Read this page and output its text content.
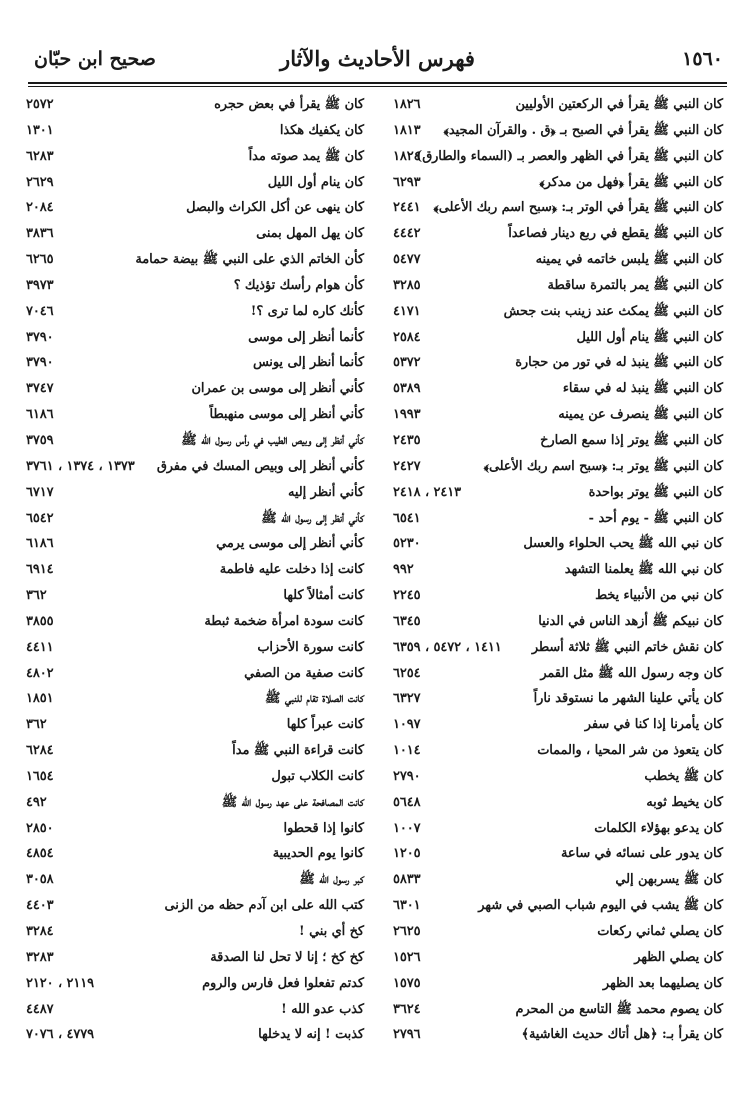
١٥٦٠
فهرس الأحاديث والآثار
صحيح ابن حبّان
كان النبي ﷺ يقرأ في الركعتين الأوليين
١٨٢٦
كان النبي ﷺ يقرأ في الصبح بـ ﴿ق . والقرآن المجيد﴾
١٨١٣
كان النبي ﷺ يقرأ في الظهر والعصر بـ (السماء والطارق)
١٨٢٤
كان النبي ﷺ يقرأ ﴿فهل من مدكر﴾
٦٢٩٣
كان النبي ﷺ يقرأ في الوتر بـ: ﴿سبح اسم ربك الأعلى﴾
٢٤٤١
كان النبي ﷺ يقطع في ربع دينار فصاعداً
٤٤٤٢
كان النبي ﷺ يلبس خاتمه في يمينه
٥٤٧٧
كان النبي ﷺ يمر بالتمرة ساقطة
٣٢٨٥
كان النبي ﷺ يمكث عند زينب بنت جحش
٤١٧١
كان النبي ﷺ ينام أول الليل
٢٥٨٤
كان النبي ﷺ ينبذ له في تور من حجارة
٥٣٧٢
كان النبي ﷺ ينبذ له في سقاء
٥٣٨٩
كان النبي ﷺ ينصرف عن يمينه
١٩٩٣
كان النبي ﷺ يوتر إذا سمع الصارخ
٢٤٣٥
كان النبي ﷺ يوتر بـ: ﴿سبح اسم ربك الأعلى﴾
٢٤٢٧
كان النبي ﷺ يوتر بواحدة
٢٤١٣ ، ٢٤١٨
كان النبي ﷺ - يوم أحد -
٦٥٤١
كان نبي الله ﷺ يحب الحلواء والعسل
٥٢٣٠
كان نبي الله ﷺ يعلمنا التشهد
٩٩٢
كان نبي من الأنبياء يخط
٢٢٤٥
كان نبيكم ﷺ أزهد الناس في الدنيا
٦٣٤٥
كان نقش خاتم النبي ﷺ ثلاثة أسطر
١٤١١ ، ٥٤٧٢ ، ٦٣٥٩
كان وجه رسول الله ﷺ مثل القمر
٦٢٥٤
كان يأتي علينا الشهر ما نستوقد ناراً
٦٣٢٧
كان يأمرنا إذا كنا في سفر
١٠٩٧
كان يتعوذ من شر المحيا ، والممات
١٠١٤
كان ﷺ يخطب
٢٧٩٠
كان يخيط ثوبه
٥٦٤٨
كان يدعو بهؤلاء الكلمات
١٠٠٧
كان يدور على نسائه في ساعة
١٢٠٥
كان ﷺ يسربهن إلي
٥٨٣٣
كان ﷺ يشب في اليوم شباب الصبي في شهر
٦٣٠١
كان يصلي ثماني ركعات
٢٦٢٥
كان يصلي الظهر
١٥٢٦
كان يصليهما بعد الظهر
١٥٧٥
كان يصوم محمد ﷺ التاسع من المحرم
٣٦٢٤
كان يقرأ بـ: ﴿هل أتاك حديث الغاشية﴾
٢٧٩٦
كان ﷺ يقرأ في بعض حجره
٢٥٧٢
كان يكفيك هكذا
١٣٠١
كان ﷺ يمد صوته مداً
٦٢٨٣
كان ينام أول الليل
٢٦٢٩
كان ينهى عن أكل الكراث والبصل
٢٠٨٤
كان يهل المهل بمنى
٣٨٣٦
كأن الخاتم الذي على النبي ﷺ بيضة حمامة
٦٢٦٥
كأن هوام رأسك تؤذيك ؟
٣٩٧٣
كأنك كاره لما ترى ؟!
٧٠٤٦
كأنما أنظر إلى موسى
٣٧٩٠
كأنما أنظر إلى يونس
٣٧٩٠
كأني أنظر إلى موسى بن عمران
٣٧٤٧
كأني أنظر إلى موسى منهبطاً
٦١٨٦
كأني أنظر إلى وبيص الطيب في رأس رسول الله ﷺ
٣٧٥٩
كأني أنظر إلى وبيص المسك في مفرق
١٣٧٣ ، ١٣٧٤ ، ٣٧٦١
كأني أنظر إليه
٦٧١٧
كأني أنظر إلى رسول الله ﷺ
٦٥٤٢
كأني أنظر إلى موسى يرمي
٦١٨٦
كانت إذا دخلت عليه فاطمة
٦٩١٤
كانت أمثالاً كلها
٣٦٢
كانت سودة امرأة ضخمة ثبطة
٣٨٥٥
كانت سورة الأحزاب
٤٤١١
كانت صفية من الصفي
٤٨٠٢
كانت الصلاة تقام للنبي ﷺ
١٨٥١
كانت عبراً كلها
٣٦٢
كانت قراءة النبي ﷺ مداً
٦٢٨٤
كانت الكلاب تبول
١٦٥٤
كانت المصافحة على عهد رسول الله ﷺ
٤٩٢
كانوا إذا قحطوا
٢٨٥٠
كانوا يوم الحديبية
٤٨٥٤
كبر رسول الله ﷺ
٣٠٥٨
كتب الله على ابن آدم حظه من الزنى
٤٤٠٣
كخ أي بني !
٣٢٨٤
كخ كخ ؛ إنا لا تحل لنا الصدقة
٣٢٨٣
كدتم تفعلوا فعل فارس والروم
٢١١٩ ، ٢١٢٠
كذب عدو الله !
٤٤٨٧
كذبت ! إنه لا يدخلها
٤٧٧٩ ، ٧٠٧٦
